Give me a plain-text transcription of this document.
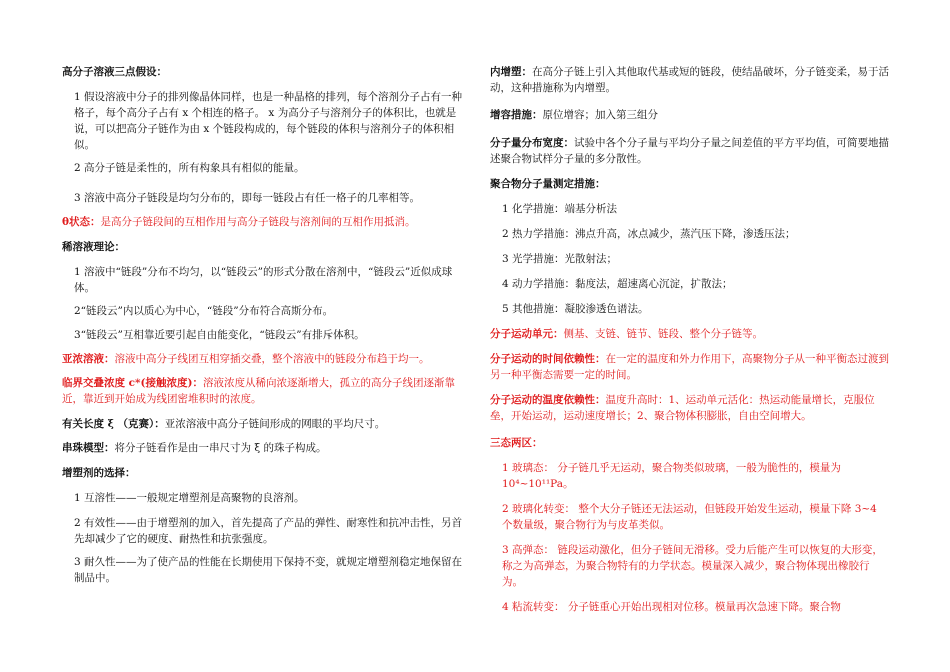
高分子溶液三点假设：

1 假设溶液中分子的排列像晶体同样，也是一种晶格的排列，每个溶剂分子占有一种格子，每个高分子占有 x 个相连的格子。 x 为高分子与溶剂分子的体积比，也就是说，可以把高分子链作为由 x 个链段构成的，每个链段的体积与溶剂分子的体积相似。

2 高分子链是柔性的，所有构象具有相似的能量。

3 溶液中高分子链段是均匀分布的，即每一链段占有任一格子的几率相等。

θ状态：是高分子链段间的互相作用与高分子链段与溶剂间的互相作用抵消。

稀溶液理论：

1 溶液中“链段”分布不均匀，以“链段云”的形式分散在溶剂中，“链段云”近似成球体。

2“链段云”内以质心为中心，“链段”分布符合高斯分布。

3“链段云”互相靠近要引起自由能变化，“链段云”有排斥体积。

亚浓溶液：溶液中高分子线团互相穿插交叠，整个溶液中的链段分布趋于均一。

临界交叠浓度 c*(接触浓度)：溶液浓度从稀向浓逐渐增大，孤立的高分子线团逐渐靠近，靠近到开始成为线团密堆积时的浓度。

有关长度 ξ （克赛）：亚浓溶液中高分子链间形成的网眼的平均尺寸。

串珠模型：将分子链看作是由一串尺寸为 ξ 的珠子构成。

增塑剂的选择：

1 互溶性——一般规定增塑剂是高聚物的良溶剂。

2 有效性——由于增塑剂的加入，首先提高了产品的弹性、耐寒性和抗冲击性，另首先却减少了它的硬度、耐热性和抗张强度。

3 耐久性——为了使产品的性能在长期使用下保持不变，就规定增塑剂稳定地保留在制品中。

内增塑：在高分子链上引入其他取代基或短的链段，使结晶破坏，分子链变柔，易于活动，这种措施称为内增塑。

增容措施：原位增容；加入第三组分

分子量分布宽度：试验中各个分子量与平均分子量之间差值的平方平均值，可简要地描述聚合物试样分子量的多分散性。

聚合物分子量测定措施：

1 化学措施：端基分析法

2 热力学措施：沸点升高，冰点减少，蒸汽压下降，渗透压法；

3 光学措施：光散射法；

4 动力学措施：黏度法，超速离心沉淀，扩散法；

5 其他措施：凝胶渗透色谱法。

分子运动单元：侧基、支链、链节、链段、整个分子链等。

分子运动的时间依赖性：在一定的温度和外力作用下，高聚物分子从一种平衡态过渡到另一种平衡态需要一定的时间。

分子运动的温度依赖性：温度升高时：1、运动单元活化：热运动能量增长，克服位垒，开始运动，运动速度增长；2、聚合物体积膨胀，自由空间增大。

三态两区：

1 玻璃态： 分子链几乎无运动，聚合物类似玻璃，一般为脆性的，模量为 10⁴~10¹¹Pa。

2 玻璃化转变： 整个大分子链还无法运动，但链段开始发生运动，模量下降 3~4 个数量级，聚合物行为与皮革类似。

3 高弹态： 链段运动激化，但分子链间无滑移。受力后能产生可以恢复的大形变，称之为高弹态，为聚合物特有的力学状态。模量深入减少，聚合物体现出橡胶行为。

4 粘流转变： 分子链重心开始出现相对位移。模量再次急速下降。聚合物
